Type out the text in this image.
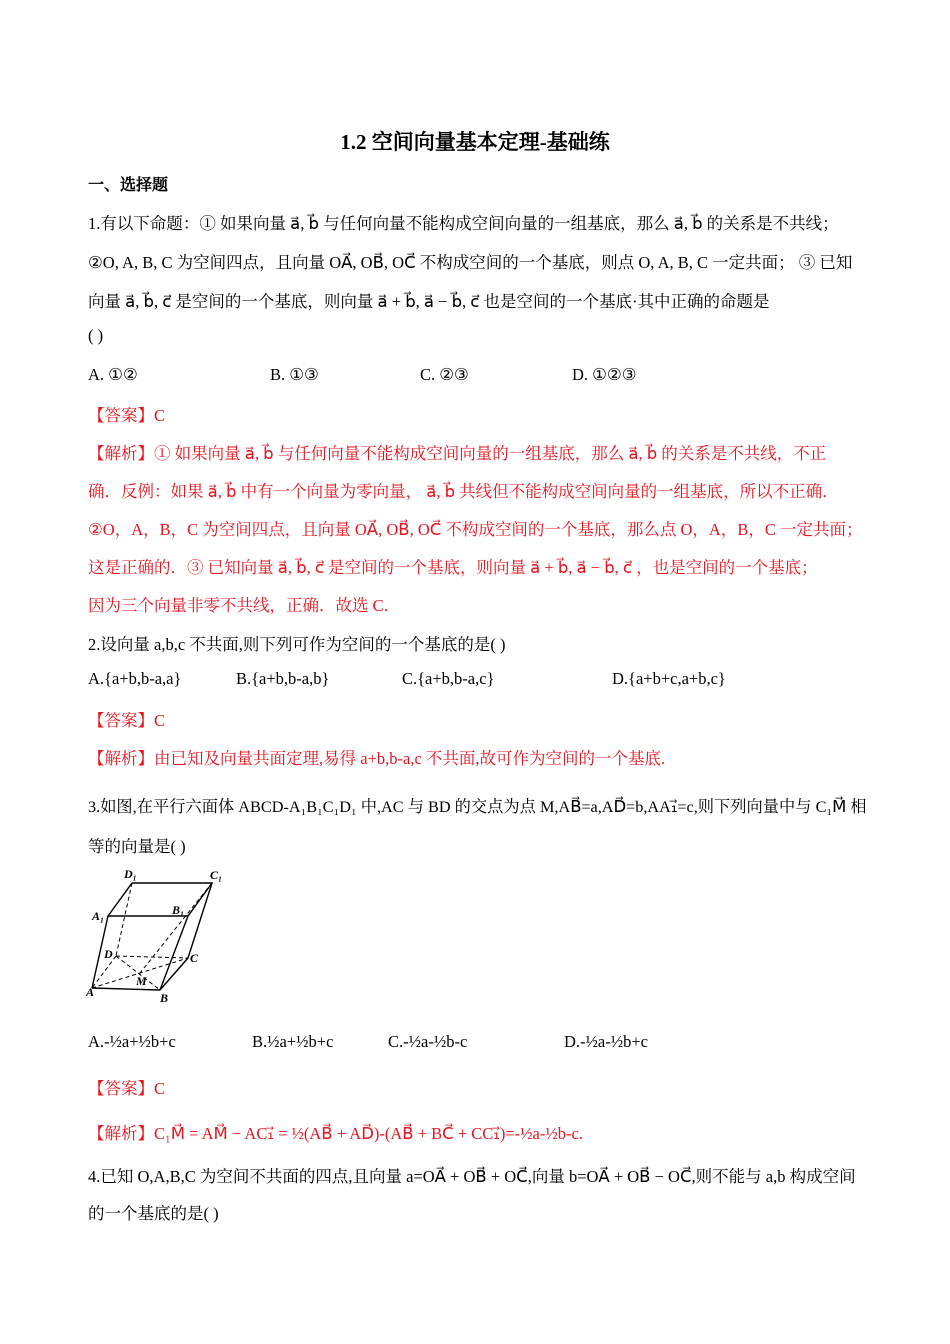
1.2 空间向量基本定理-基础练
一、选择题
1.有以下命题：① 如果向量 a⃗, b⃗ 与任何向量不能构成空间向量的一组基底，那么 a⃗, b⃗ 的关系是不共线；
②O, A, B, C 为空间四点，且向量 OA⃗, OB⃗, OC⃗ 不构成空间的一个基底，则点 O, A, B, C 一定共面； ③ 已知
向量 a⃗, b⃗, c⃗ 是空间的一个基底，则向量 a⃗ + b⃗, a⃗ − b⃗, c⃗ 也是空间的一个基底·其中正确的命题是
( )
A. ①②	B. ①③	C. ②③	D. ①②③
【答案】C
【解析】① 如果向量 a⃗, b⃗ 与任何向量不能构成空间向量的一组基底，那么 a⃗, b⃗ 的关系是不共线，不正
确．反例：如果 a⃗, b⃗ 中有一个向量为零向量， a⃗, b⃗ 共线但不能构成空间向量的一组基底，所以不正确．
②O，A，B，C 为空间四点，且向量 OA⃗, OB⃗, OC⃗ 不构成空间的一个基底，那么点 O，A，B，C 一定共面；
这是正确的．③ 已知向量 a⃗, b⃗, c⃗ 是空间的一个基底，则向量 a⃗ + b⃗, a⃗ − b⃗, c⃗ ，也是空间的一个基底；
因为三个向量非零不共线，正确．故选 C．
2.设向量 a,b,c 不共面,则下列可作为空间的一个基底的是( )
A.{a+b,b-a,a}	B.{a+b,b-a,b}	C.{a+b,b-a,c}	D.{a+b+c,a+b,c}
【答案】C
【解析】由已知及向量共面定理,易得 a+b,b-a,c 不共面,故可作为空间的一个基底.
3.如图,在平行六面体 ABCD-A₁B₁C₁D₁ 中,AC 与 BD 的交点为点 M,AB⃗=a,AD⃗=b,AA₁⃗=c,则下列向量中与 C₁M⃗ 相
等的向量是( )
D₁	C₁
A₁	B₁
D	C
M
A	B
A.-½a+½b+c	B.½a+½b+c	C.-½a-½b-c	D.-½a-½b+c
【答案】C
【解析】C₁M⃗ = AM⃗ − AC₁⃗ = ½(AB⃗ + AD⃗)-(AB⃗ + BC⃗ + CC₁⃗)=-½a-½b-c.
4.已知 O,A,B,C 为空间不共面的四点,且向量 a=OA⃗ + OB⃗ + OC⃗,向量 b=OA⃗ + OB⃗ − OC⃗,则不能与 a,b 构成空间
的一个基底的是( )
